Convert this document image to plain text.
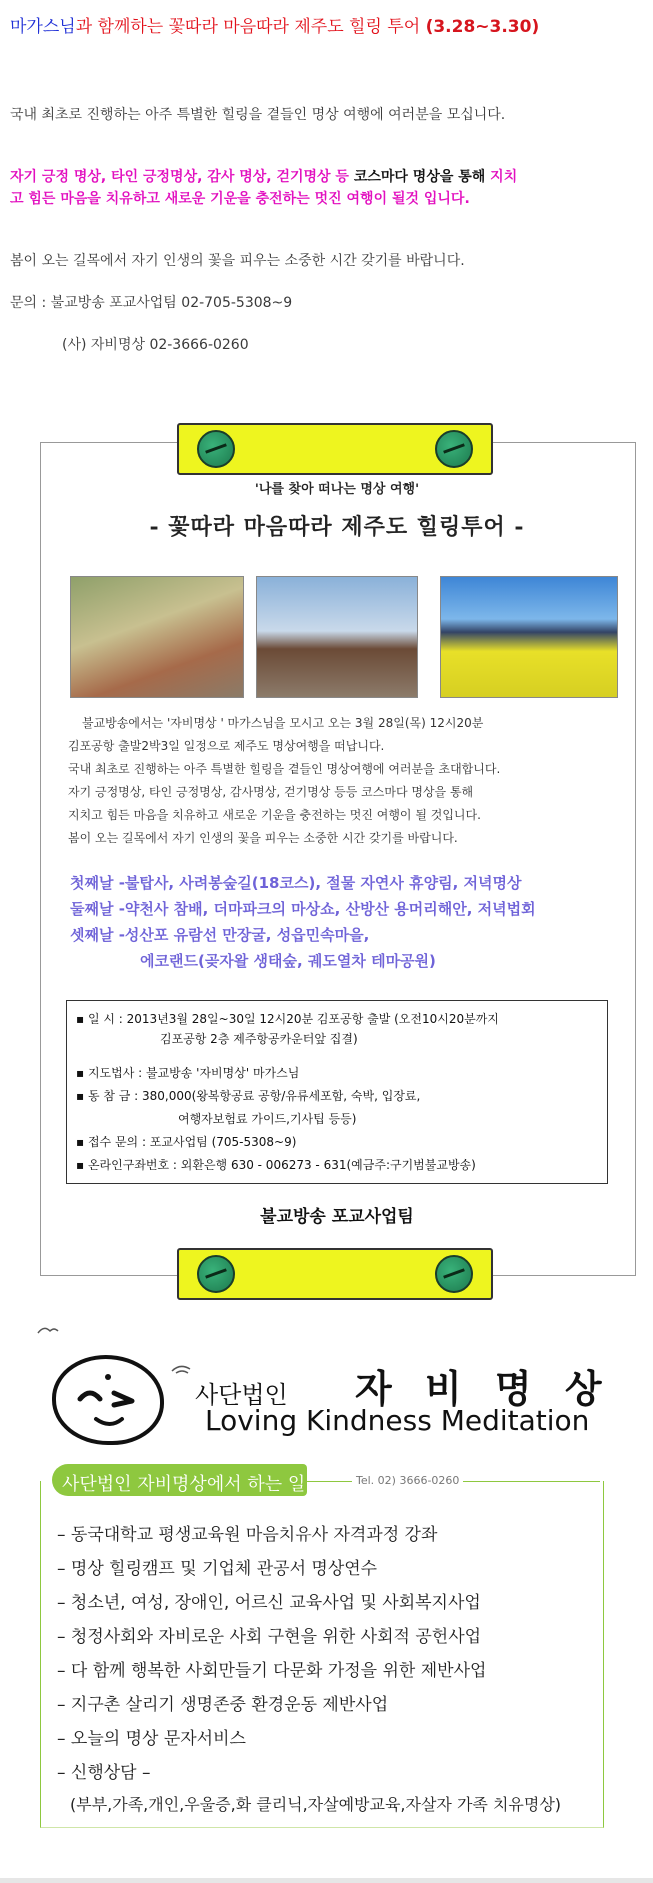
마가스님과 함께하는 꽃따라 마음따라 제주도 힐링 투어 (3.28~3.30)
국내 최초로 진행하는 아주 특별한 힐링을 곁들인 명상 여행에 여러분을 모십니다.
자기 긍정 명상, 타인 긍정명상, 감사 명상, 걷기명상 등 코스마다 명상을 통해 지치
고 힘든 마음을 치유하고 새로운 기운을 충전하는 멋진 여행이 될것 입니다.
봄이 오는 길목에서 자기 인생의 꽃을 피우는 소중한 시간 갖기를 바랍니다.
문의 : 불교방송 포교사업팀 02-705-5308~9
(사) 자비명상 02-3666-0260
'나를 찾아 떠나는 명상 여행'
- 꽃따라 마음따라 제주도 힐링투어 -
불교방송에서는 '자비명상 ' 마가스님을 모시고 오는 3월 28일(목) 12시20분
김포공항 출발2박3일 일정으로 제주도 명상여행을 떠납니다.
국내 최초로 진행하는 아주 특별한 힐링을 곁들인 명상여행에 여러분을 초대합니다.
자기 긍정명상, 타인 긍정명상, 감사명상, 걷기명상 등등 코스마다 명상을 통해
지치고 힘든 마음을 치유하고 새로운 기운을 충전하는 멋진 여행이 될 것입니다.
봄이 오는 길목에서 자기 인생의 꽃을 피우는 소중한 시간 갖기를 바랍니다.
첫째날 -불탑사, 사려봉숲길(18코스), 절물 자연사 휴양림, 저녁명상
둘째날 -약천사 참배, 더마파크의 마상쇼, 산방산 용머리해안, 저녁법회
셋째날 -성산포 유람선 만장굴, 성읍민속마을,
에코랜드(곶자왈 생태숲, 궤도열차 테마공원)
▪ 일 시 : 2013년3월 28일~30일 12시20분 김포공항 출발 (오전10시20분까지
김포공항 2층 제주항공카운터앞 집결)
▪ 지도법사 : 불교방송 '자비명상' 마가스님
▪ 동 참 금 : 380,000(왕복항공료 공항/유류세포함, 숙박, 입장료,
여행자보험료 가이드,기사팁 등등)
▪ 접수 문의 : 포교사업팀 (705-5308~9)
▪ 온라인구좌번호 : 외환은행 630 - 006273 - 631(예금주:구기범불교방송)
불교방송 포교사업팀
사단법인 자 비 명 상
Loving Kindness Meditation
사단법인 자비명상에서 하는 일	Tel. 02) 3666-0260
– 동국대학교 평생교육원 마음치유사 자격과정 강좌
– 명상 힐링캠프 및 기업체 관공서 명상연수
– 청소년, 여성, 장애인, 어르신 교육사업 및 사회복지사업
– 청정사회와 자비로운 사회 구현을 위한 사회적 공헌사업
– 다 함께 행복한 사회만들기 다문화 가정을 위한 제반사업
– 지구촌 살리기 생명존중 환경운동 제반사업
– 오늘의 명상 문자서비스
– 신행상담 –
(부부,가족,개인,우울증,화 클리닉,자살예방교육,자살자 가족 치유명상)
